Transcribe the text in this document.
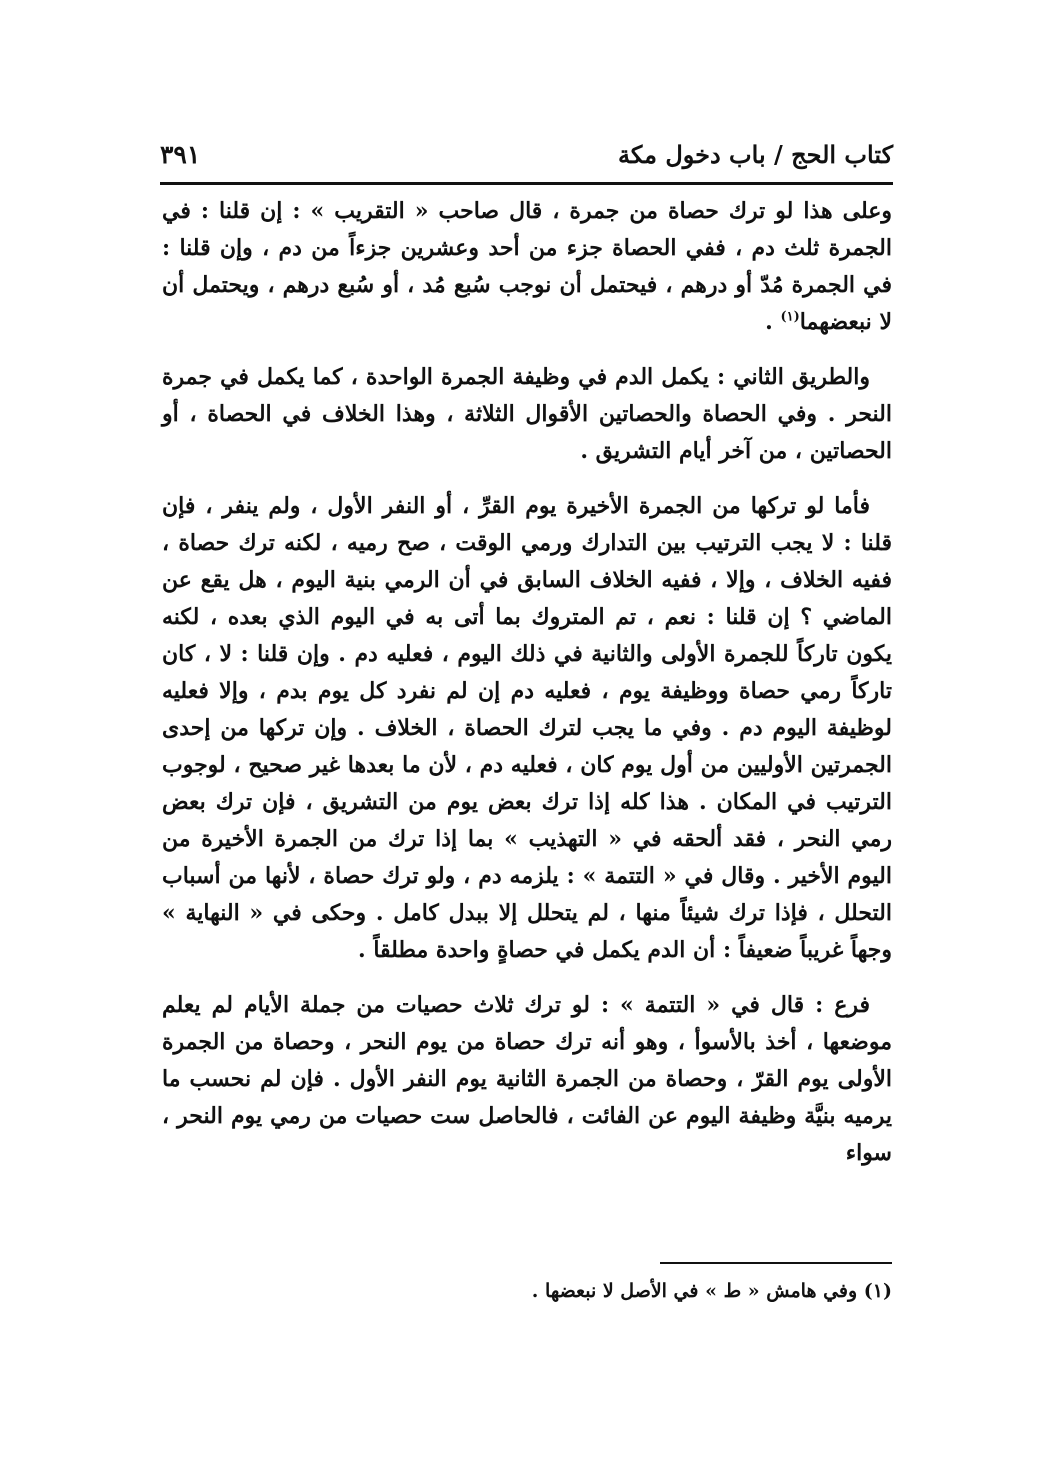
كتاب الحج / باب دخول مكة
٣٩١

وعلى هذا لو ترك حصاة من جمرة ، قال صاحب « التقريب » : إن قلنا : في الجمرة ثلث دم ، ففي الحصاة جزء من أحد وعشرين جزءاً من دم ، وإن قلنا : في الجمرة مُدّ أو درهم ، فيحتمل أن نوجب سُبع مُد ، أو سُبع درهم ، ويحتمل أن لا نبعضهما$^{(١)}$ .

والطريق الثاني : يكمل الدم في وظيفة الجمرة الواحدة ، كما يكمل في جمرة النحر . وفي الحصاة والحصاتين الأقوال الثلاثة ، وهذا الخلاف في الحصاة ، أو الحصاتين ، من آخر أيام التشريق .

فأما لو تركها من الجمرة الأخيرة يوم القرِّ ، أو النفر الأول ، ولم ينفر ، فإن قلنا : لا يجب الترتيب بين التدارك ورمي الوقت ، صح رميه ، لكنه ترك حصاة ، ففيه الخلاف ، وإلا ، ففيه الخلاف السابق في أن الرمي بنية اليوم ، هل يقع عن الماضي ؟ إن قلنا : نعم ، تم المتروك بما أتى به في اليوم الذي بعده ، لكنه يكون تاركاً للجمرة الأولى والثانية في ذلك اليوم ، فعليه دم . وإن قلنا : لا ، كان تاركاً رمي حصاة ووظيفة يوم ، فعليه دم إن لم نفرد كل يوم بدم ، وإلا فعليه لوظيفة اليوم دم . وفي ما يجب لترك الحصاة ، الخلاف . وإن تركها من إحدى الجمرتين الأوليين من أول يوم كان ، فعليه دم ، لأن ما بعدها غير صحيح ، لوجوب الترتيب في المكان . هذا كله إذا ترك بعض يوم من التشريق ، فإن ترك بعض رمي النحر ، فقد ألحقه في « التهذيب » بما إذا ترك من الجمرة الأخيرة من اليوم الأخير . وقال في « التتمة » : يلزمه دم ، ولو ترك حصاة ، لأنها من أسباب التحلل ، فإذا ترك شيئاً منها ، لم يتحلل إلا ببدل كامل . وحكى في « النهاية » وجهاً غريباً ضعيفاً : أن الدم يكمل في حصاةٍ واحدة مطلقاً .

فرع : قال في « التتمة » : لو ترك ثلاث حصيات من جملة الأيام لم يعلم موضعها ، أخذ بالأسوأ ، وهو أنه ترك حصاة من يوم النحر ، وحصاة من الجمرة الأولى يوم القرّ ، وحصاة من الجمرة الثانية يوم النفر الأول . فإن لم نحسب ما يرميه بنيَّة وظيفة اليوم عن الفائت ، فالحاصل ست حصيات من رمي يوم النحر ، سواء

(١) وفي هامش « ط » في الأصل لا نبعضها .
